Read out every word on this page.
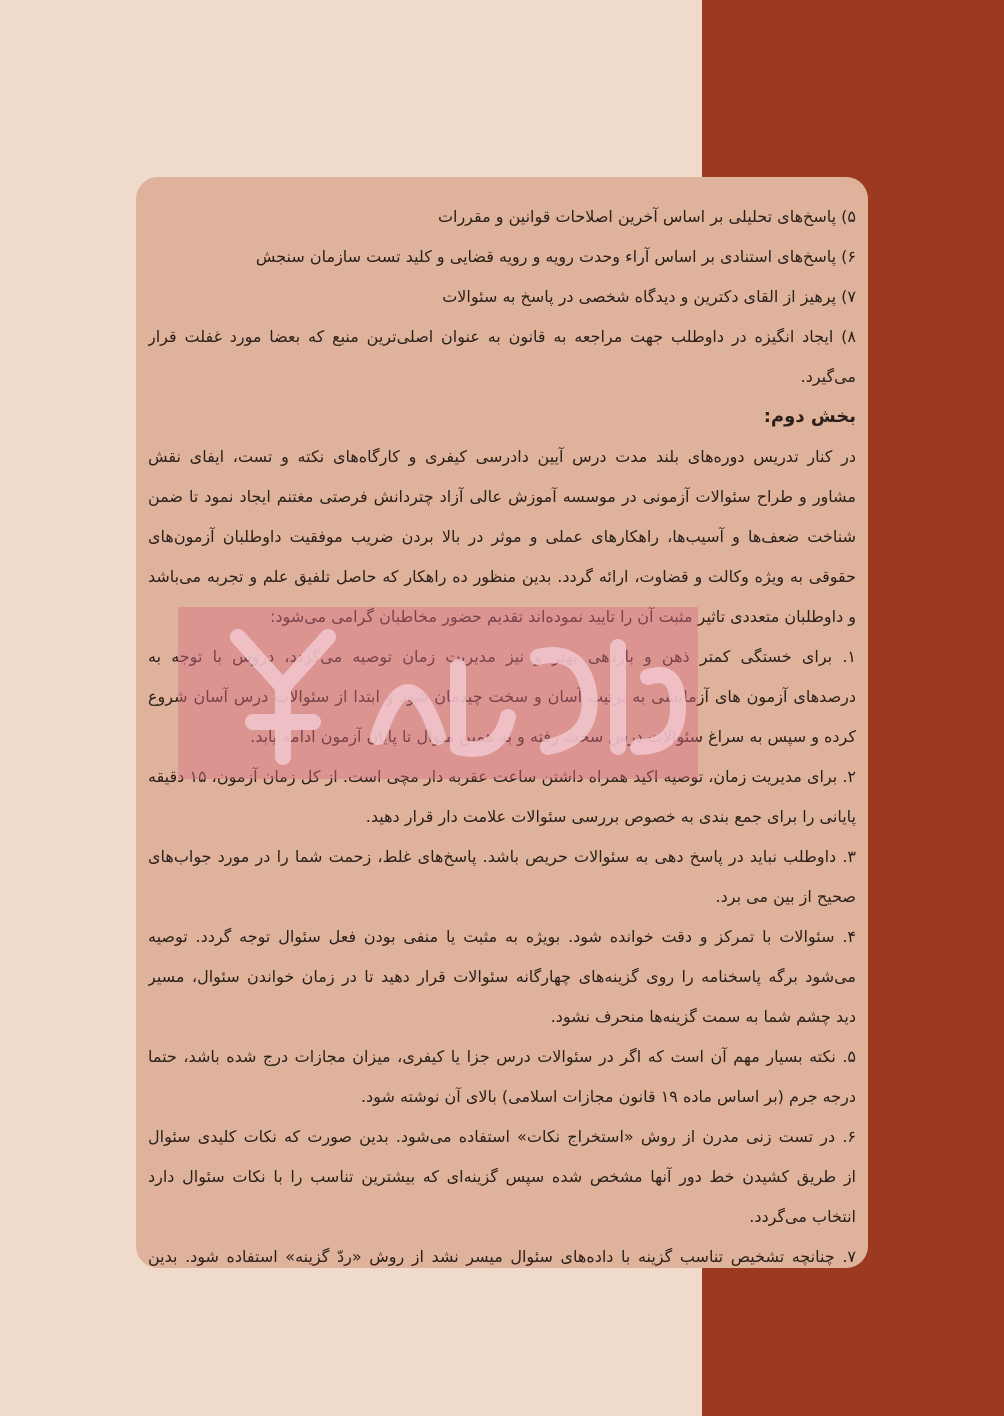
۵) پاسخ‌های تحلیلی بر اساس آخرین اصلاحات قوانین و مقررات
۶) پاسخ‌های استنادی بر اساس آراء وحدت رویه و رویه قضایی و کلید تست سازمان سنجش
۷) پرهیز از القای دکترین و دیدگاه شخصی در پاسخ به سئوالات
۸) ایجاد انگیزه در داوطلب جهت مراجعه به قانون به عنوان اصلی‌ترین منبع که بعضا مورد غفلت قرار
می‌گیرد.
بخش دوم:
در کنار تدریس دوره‌های بلند مدت درس آیین دادرسی کیفری و کارگاه‌های نکته و تست، ایفای نقش
مشاور و طراح سئوالات آزمونی در موسسه آموزش عالی آزاد چتردانش فرصتی مغتنم ایجاد نمود تا ضمن
شناخت ضعف‌ها و آسیب‌ها، راهکارهای عملی و موثر در بالا بردن ضریب موفقیت داوطلبان آزمون‌های
حقوقی به ویژه وکالت و قضاوت، ارائه گردد. بدین منظور ده راهکار که حاصل تلفیق علم و تجربه می‌باشد
و داوطلبان متعددی تاثیر مثبت آن را تایید نموده‌اند تقدیم حضور مخاطبان گرامی می‌شود:
۱. برای خستگی کمتر ذهن و بازدهی بهتر و نیز مدیریت زمان توصیه می‌گردد، دروس با توجه به
درصدهای آزمون های آزمایشی به ترتیب آسان و سخت چیدمان شود و ابتدا از سئوالات درس آسان شروع
کرده و سپس به سراغ سئوالات درس سخت رفته و به همین منوال تا پایان آزمون ادامه یابد.
۲. برای مدیریت زمان، توصیه اکید همراه داشتن ساعت عقربه دار مچی است. از کل زمان آزمون، ۱۵ دقیقه
پایانی را برای جمع بندی به خصوص بررسی سئوالات علامت دار قرار دهید.
۳. داوطلب نباید در پاسخ دهی به سئوالات حریص باشد. پاسخ‌های غلط، زحمت شما را در مورد جواب‌های
صحیح از بین می برد.
۴. سئوالات با تمرکز و دقت خوانده شود. بویژه به مثبت یا منفی بودن فعل سئوال توجه گردد. توصیه
می‌شود برگه پاسخنامه را روی گزینه‌های چهارگانه سئوالات قرار دهید تا در زمان خواندن سئوال، مسیر
دید چشم شما به سمت گزینه‌ها منحرف نشود.
۵. نکته بسیار مهم آن است که اگر در سئوالات درس جزا یا کیفری، میزان مجازات درج شده باشد، حتما
درجه جرم (بر اساس ماده ۱۹ قانون مجازات اسلامی) بالای آن نوشته شود.
۶. در تست زنی مدرن از روش «استخراج نکات» استفاده می‌شود. بدین صورت که نکات کلیدی سئوال
از طریق کشیدن خط دور آنها مشخص شده سپس گزینه‌ای که بیشترین تناسب را با نکات سئوال دارد
انتخاب می‌گردد.
۷. چنانچه تشخیص تناسب گزینه با داده‌های سئوال میسر نشد از روش «ردّ گزینه» استفاده شود. بدین
